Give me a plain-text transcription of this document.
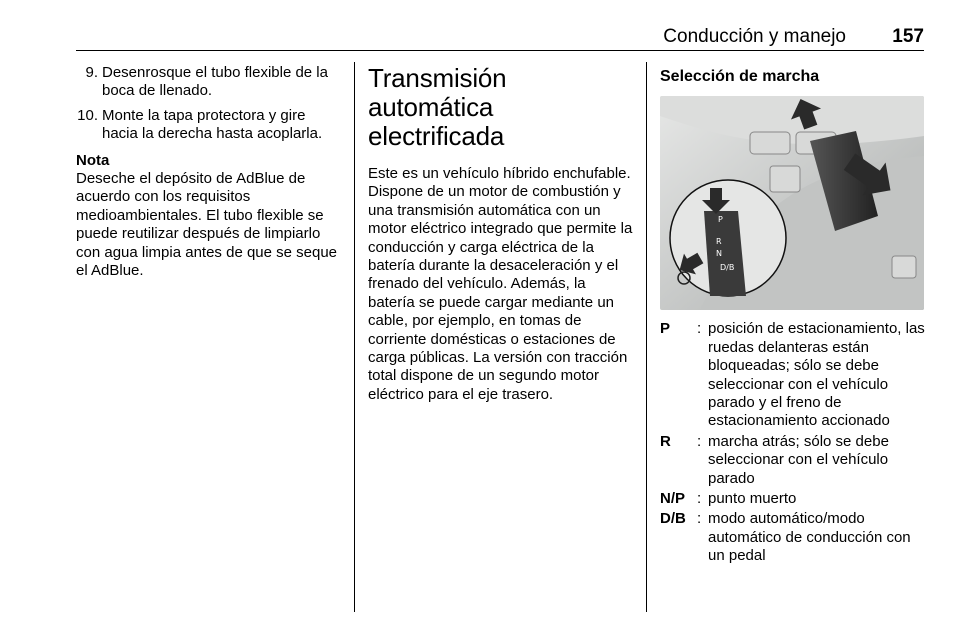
Conducción y manejo 157
9. Desenrosque el tubo flexible de la boca de llenado.
10. Monte la tapa protectora y gire hacia la derecha hasta acoplarla.
Nota

Deseche el depósito de AdBlue de acuerdo con los requisitos medioambientales. El tubo flexible se puede reutilizar después de limpiarlo con agua limpia antes de que se seque el AdBlue.

Transmisión
automática electrificada

Este es un vehículo híbrido enchufable. Dispone de un motor de combustión y una transmisión automática con un motor eléctrico integrado que permite la conducción y carga eléctrica de la batería durante la desaceleración y el frenado del vehículo. Además, la batería se puede cargar mediante un cable, por ejemplo, en tomas de corriente domésticas o estaciones de carga públicas. La versión con tracción total dispone de un segundo motor eléctrico para el eje trasero.

Selección de marcha
P
R
N
D/B
P : posición de estacionamiento, las ruedas delanteras están bloqueadas; sólo se debe seleccionar con el vehículo parado y el freno de estacionamiento accionado
R : marcha atrás; sólo se debe seleccionar con el vehículo parado
N/P : punto muerto
D/B : modo automático/modo automático de conducción con un pedal
